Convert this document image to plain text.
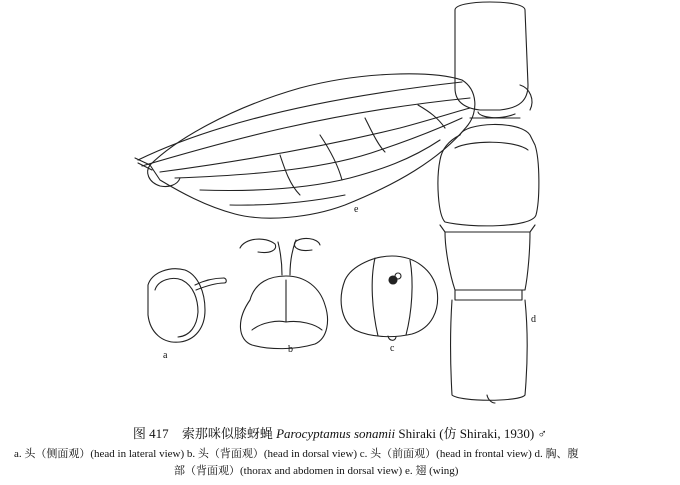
a
b	c
d
e
图 417 索那咪似膝蚜蝇 Parocyptamus sonamii Shiraki (仿 Shiraki, 1930) ♂
a. 头（侧面观）(head in lateral view) b. 头（背面观）(head in dorsal view) c. 头（前面观）(head in frontal view) d. 胸、腹
部（背面观）(thorax and abdomen in dorsal view) e. 翅 (wing)
